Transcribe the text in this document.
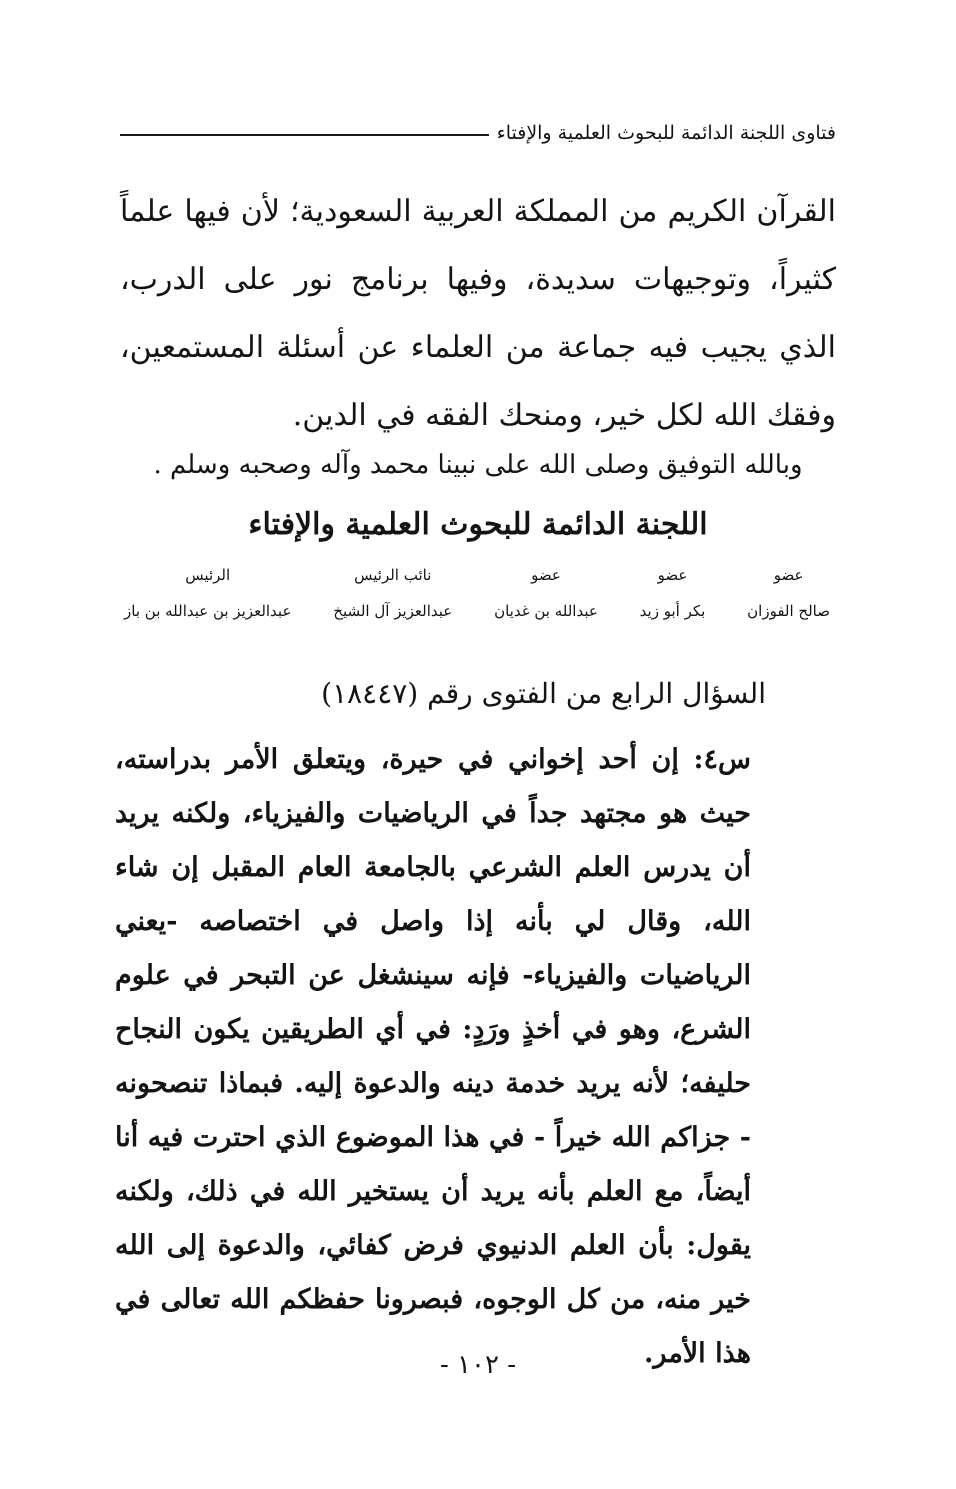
فتاوى اللجنة الدائمة للبحوث العلمية والإفتاء

القرآن الكريم من المملكة العربية السعودية؛ لأن فيها علماً كثيراً، وتوجيهات سديدة، وفيها برنامج نور على الدرب، الذي يجيب فيه جماعة من العلماء عن أسئلة المستمعين، وفقك الله لكل خير، ومنحك الفقه في الدين.

وبالله التوفيق وصلى الله على نبينا محمد وآله وصحبه وسلم .

اللجنة الدائمة للبحوث العلمية والإفتاء
عضو
صالح الفوزان
عضو
بكر أبو زيد
عضو
عبدالله بن غديان
نائب الرئيس
عبدالعزيز آل الشيخ
الرئيس
عبدالعزيز بن عبدالله بن باز

السؤال الرابع من الفتوى رقم (١٨٤٤٧)

س٤: إن أحد إخواني في حيرة، ويتعلق الأمر بدراسته، حيث هو مجتهد جداً في الرياضيات والفيزياء، ولكنه يريد أن يدرس العلم الشرعي بالجامعة العام المقبل إن شاء الله، وقال لي بأنه إذا واصل في اختصاصه -يعني الرياضيات والفيزياء- فإنه سينشغل عن التبحر في علوم الشرع، وهو في أخذٍ ورَدٍ: في أي الطريقين يكون النجاح حليفه؛ لأنه يريد خدمة دينه والدعوة إليه. فبماذا تنصحونه - جزاكم الله خيراً - في هذا الموضوع الذي احترت فيه أنا أيضاً، مع العلم بأنه يريد أن يستخير الله في ذلك، ولكنه يقول: بأن العلم الدنيوي فرض كفائي، والدعوة إلى الله خير منه، من كل الوجوه، فبصرونا حفظكم الله تعالى في هذا الأمر.

- ١٠٢ -
